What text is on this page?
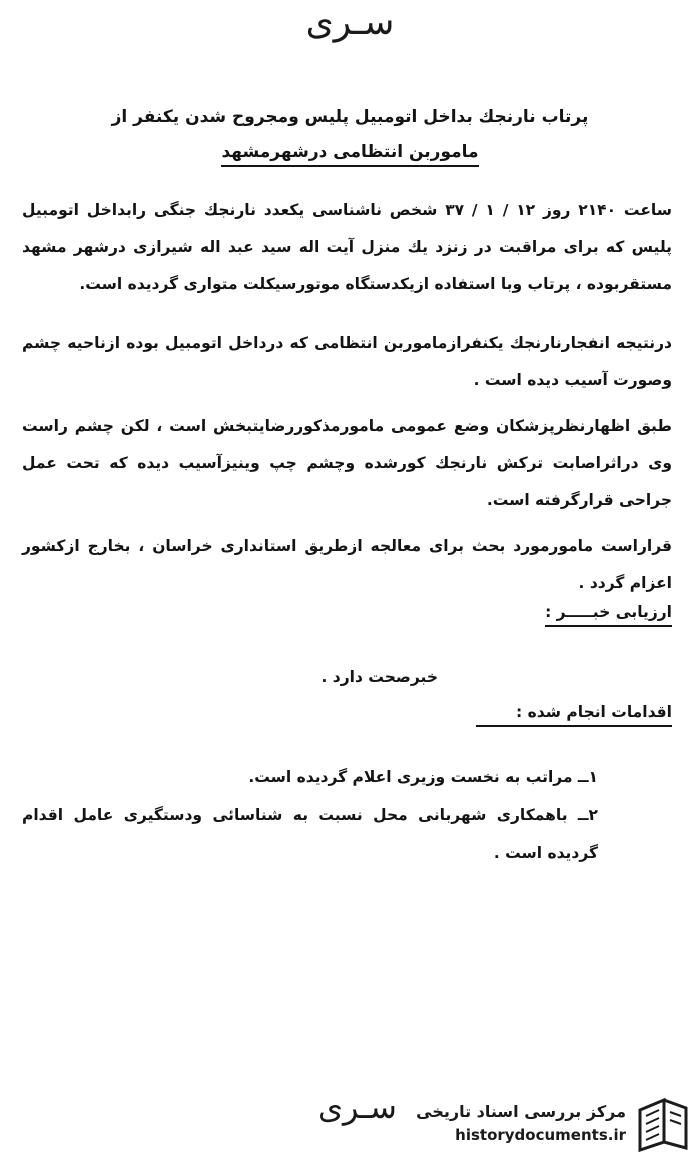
سـری
پرتاب نارنجك بداخل اتومبيل پليس ومجروح شدن يكنفر از
ماموربن انتظامی درشهرمشهد

ساعت ۲۱۴۰ روز ۱۲ / ۱ / ۳۷ شخص ناشناسی یکعدد نارنجك جنگی رابداخل اتومبیل پلیس که برای مراقبت در زنزد یك منزل آیت اله سید عبد اله شیرازی درشهر مشهد مستقربوده ، پرتاب وبا استفاده ازیکدستگاه موتورسیکلت متواری گردیده است.

درنتیجه انفجارنارنجك یکنفرازماموربن انتظامی که درداخل اتومبیل بوده ازناحیه چشم وصورت آسیب دیده است .

طبق اظهارنظرپزشکان وضع عمومی مامورمذکوررضایتبخش است ، لکن چشم راست وی دراثراصابت ترکش نارنجك کورشده وچشم چپ وینیزآسیب دیده که تحت عمل جراحی قرارگرفته است.

قراراست مامورمورد بحث برای معالجه ازطریق استانداری خراسان ، بخارج ازکشور اعزام گردد .

ارزیابی خبـــــر :

خبرصحت دارد .

اقدامات انجام شده :

۱ــ مراتب به نخست وزیری اعلام گردیده است.

۲ــ باهمکاری شهربانی محل نسبت به شناسائی ودستگیری عامل اقدام گردیده است .

سـری مرکز بررسی اسناد تاریخی
historydocuments.ir
